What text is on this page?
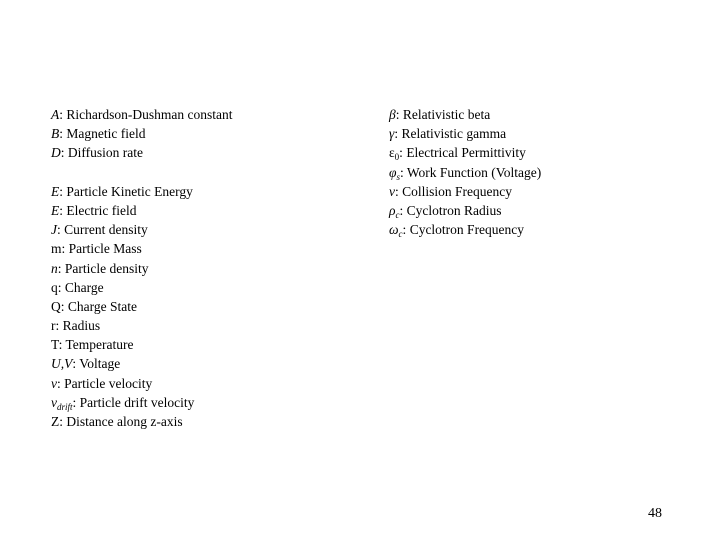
A: Richardson-Dushman constant
B: Magnetic field
D: Diffusion rate
E: Particle Kinetic Energy
E: Electric field
J: Current density
m: Particle Mass
n: Particle density
q: Charge
Q: Charge State
r: Radius
T: Temperature
U,V: Voltage
v: Particle velocity
$v_{drift}$: Particle drift velocity
Z: Distance along z-axis
β: Relativistic beta
γ: Relativistic gamma
$\varepsilon_0$: Electrical Permittivity
$\varphi_s$: Work Function (Voltage)
ν: Collision Frequency
$\rho_c$: Cyclotron Radius
$\omega_c$: Cyclotron Frequency
48
